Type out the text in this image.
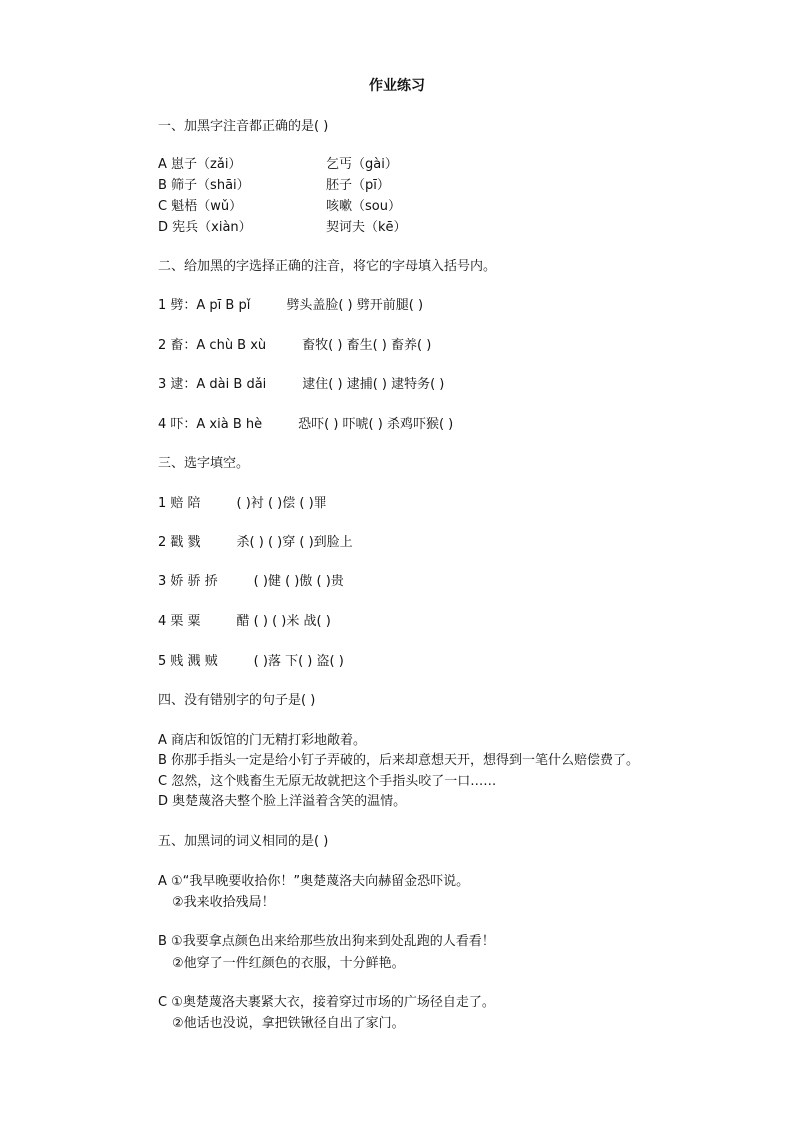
作业练习
一、加黑字注音都正确的是( )
A 崽子（zǎi）	乞丐（gài）
B 筛子（shāi）	胚子（pī）
C 魁梧（wǔ）	咳嗽（sou）
D 宪兵（xiàn）	契诃夫（kē）
二、给加黑的字选择正确的注音，将它的字母填入括号内。
1 劈：A pī B pǐ	劈头盖脸( ) 劈开前腿( )
2 畜：A chù B xù	畜牧( ) 畜生( ) 畜养( )
3 逮：A dài B dǎi	逮住( ) 逮捕( ) 逮特务( )
4 吓：A xià B hè	恐吓( ) 吓唬( ) 杀鸡吓猴( )
三、选字填空。
1 赔 陪	( )衬 ( )偿 ( )罪
2 戳 戮	杀( ) ( )穿 ( )到脸上
3 娇 骄 挢	( )健 ( )傲 ( )贵
4 栗 粟	醋 ( ) ( )米 战( )
5 贱 溅 贼	( )落 下( ) 盗( )
四、没有错别字的句子是( )
A 商店和饭馆的门无精打彩地敞着。
B 你那手指头一定是给小钉子弄破的，后来却意想天开，想得到一笔什么赔偿费了。
C 忽然，这个贱畜生无原无故就把这个手指头咬了一口……
D 奥楚蔑洛夫整个脸上洋溢着含笑的温情。
五、加黑词的词义相同的是( )
A ①“我早晚要收拾你！”奥楚蔑洛夫向赫留金恐吓说。
②我来收拾残局！
B ①我要拿点颜色出来给那些放出狗来到处乱跑的人看看！
②他穿了一件红颜色的衣服，十分鲜艳。
C ①奥楚蔑洛夫裹紧大衣，接着穿过市场的广场径自走了。
②他话也没说，拿把铁锹径自出了家门。
